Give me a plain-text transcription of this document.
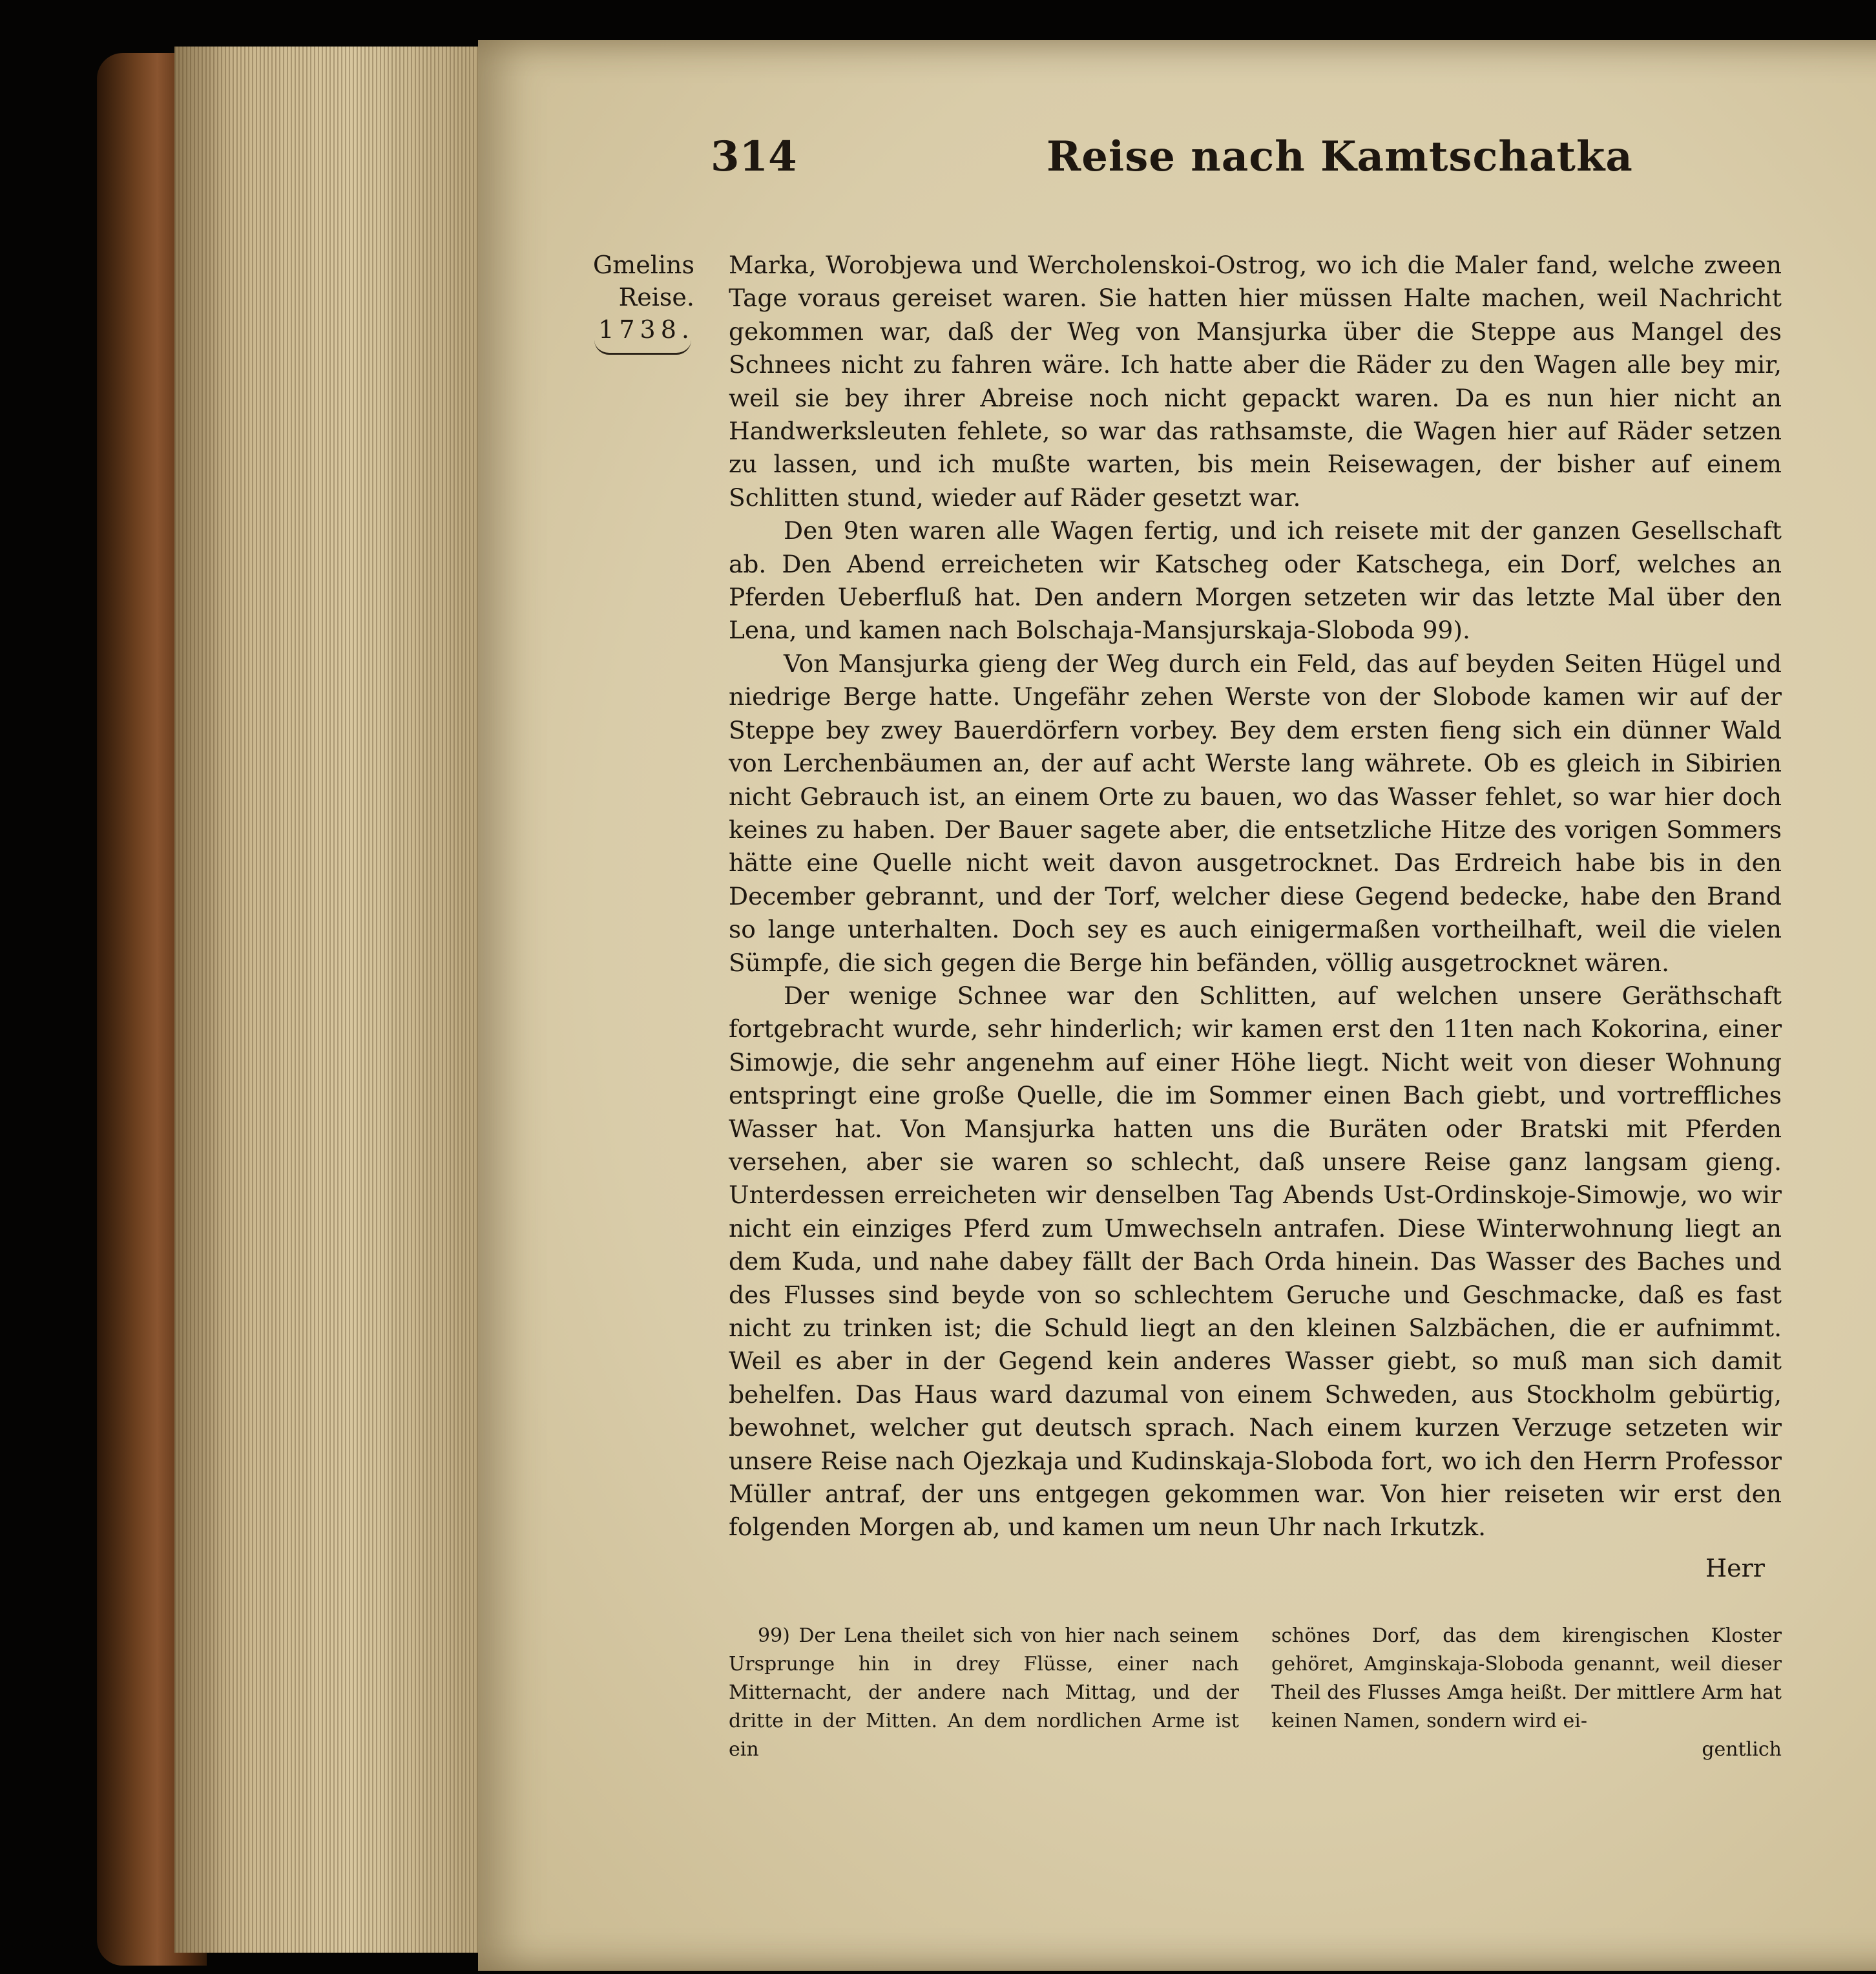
314	Reise nach Kamtschatka
Gmelins
Reise.
1738.

Marka, Worobjewa und Wercholenskoi-Ostrog, wo ich die Maler fand, welche zween Tage voraus gereiset waren. Sie hatten hier müssen Halte machen, weil Nachricht gekommen war, daß der Weg von Mansjurka über die Steppe aus Mangel des Schnees nicht zu fahren wäre. Ich hatte aber die Räder zu den Wagen alle bey mir, weil sie bey ihrer Abreise noch nicht gepackt waren. Da es nun hier nicht an Handwerksleuten fehlete, so war das rathsamste, die Wagen hier auf Räder setzen zu lassen, und ich mußte warten, bis mein Reisewagen, der bisher auf einem Schlitten stund, wieder auf Räder gesetzt war.

Den 9ten waren alle Wagen fertig, und ich reisete mit der ganzen Gesellschaft ab. Den Abend erreicheten wir Katscheg oder Katschega, ein Dorf, welches an Pferden Ueberfluß hat. Den andern Morgen setzeten wir das letzte Mal über den Lena, und kamen nach Bolschaja-Mansjurskaja-Sloboda 99).

Von Mansjurka gieng der Weg durch ein Feld, das auf beyden Seiten Hügel und niedrige Berge hatte. Ungefähr zehen Werste von der Slobode kamen wir auf der Steppe bey zwey Bauerdörfern vorbey. Bey dem ersten fieng sich ein dünner Wald von Lerchenbäumen an, der auf acht Werste lang währete. Ob es gleich in Sibirien nicht Gebrauch ist, an einem Orte zu bauen, wo das Wasser fehlet, so war hier doch keines zu haben. Der Bauer sagete aber, die entsetzliche Hitze des vorigen Sommers hätte eine Quelle nicht weit davon ausgetrocknet. Das Erdreich habe bis in den December gebrannt, und der Torf, welcher diese Gegend bedecke, habe den Brand so lange unterhalten. Doch sey es auch einigermaßen vortheilhaft, weil die vielen Sümpfe, die sich gegen die Berge hin befänden, völlig ausgetrocknet wären.

Der wenige Schnee war den Schlitten, auf welchen unsere Geräthschaft fortgebracht wurde, sehr hinderlich; wir kamen erst den 11ten nach Kokorina, einer Simowje, die sehr angenehm auf einer Höhe liegt. Nicht weit von dieser Wohnung entspringt eine große Quelle, die im Sommer einen Bach giebt, und vortreffliches Wasser hat. Von Mansjurka hatten uns die Buräten oder Bratski mit Pferden versehen, aber sie waren so schlecht, daß unsere Reise ganz langsam gieng. Unterdessen erreicheten wir denselben Tag Abends Ust-Ordinskoje-Simowje, wo wir nicht ein einziges Pferd zum Umwechseln antrafen. Diese Winterwohnung liegt an dem Kuda, und nahe dabey fällt der Bach Orda hinein. Das Wasser des Baches und des Flusses sind beyde von so schlechtem Geruche und Geschmacke, daß es fast nicht zu trinken ist; die Schuld liegt an den kleinen Salzbächen, die er aufnimmt. Weil es aber in der Gegend kein anderes Wasser giebt, so muß man sich damit behelfen. Das Haus ward dazumal von einem Schweden, aus Stockholm gebürtig, bewohnet, welcher gut deutsch sprach. Nach einem kurzen Verzuge setzeten wir unsere Reise nach Ojezkaja und Kudinskaja-Sloboda fort, wo ich den Herrn Professor Müller antraf, der uns entgegen gekommen war. Von hier reiseten wir erst den folgenden Morgen ab, und kamen um neun Uhr nach Irkutzk.

Herr

99) Der Lena theilet sich von hier nach seinem Ursprunge hin in drey Flüsse, einer nach Mitternacht, der andere nach Mittag, und der dritte in der Mitten. An dem nordlichen Arme ist ein

schönes Dorf, das dem kirengischen Kloster gehöret, Amginskaja-Sloboda genannt, weil dieser Theil des Flusses Amga heißt. Der mittlere Arm hat keinen Namen, sondern wird ei-

gentlich
